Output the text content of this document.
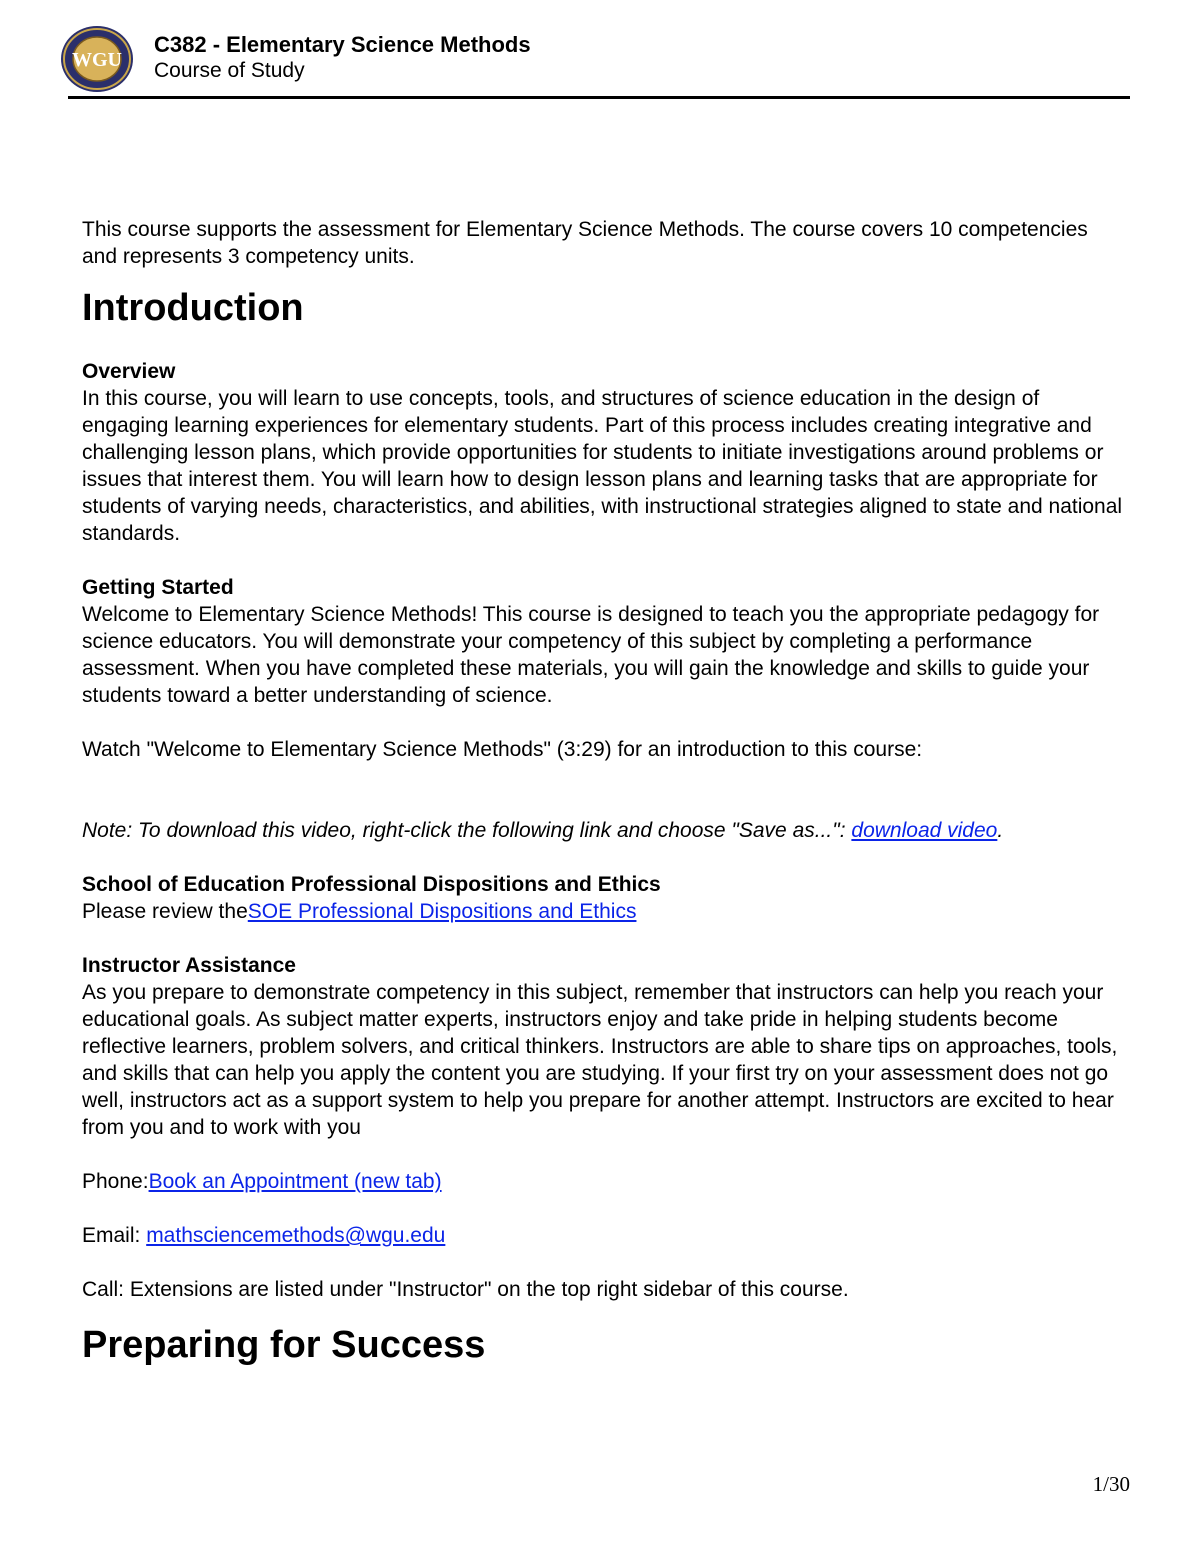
WGU
C382 - Elementary Science Methods
Course of Study

This course supports the assessment for Elementary Science Methods. The course covers 10 competencies and represents 3 competency units.

Introduction

Overview

In this course, you will learn to use concepts, tools, and structures of science education in the design of engaging learning experiences for elementary students. Part of this process includes creating integrative and challenging lesson plans, which provide opportunities for students to initiate investigations around problems or issues that interest them. You will learn how to design lesson plans and learning tasks that are appropriate for students of varying needs, characteristics, and abilities, with instructional strategies aligned to state and national standards.

Getting Started

Welcome to Elementary Science Methods! This course is designed to teach you the appropriate pedagogy for science educators. You will demonstrate your competency of this subject by completing a performance assessment. When you have completed these materials, you will gain the knowledge and skills to guide your students toward a better understanding of science.

Watch "Welcome to Elementary Science Methods" (3:29) for an introduction to this course:

Note: To download this video, right-click the following link and choose "Save as...": download video.

School of Education Professional Dispositions and Ethics

Please review theSOE Professional Dispositions and Ethics

Instructor Assistance

As you prepare to demonstrate competency in this subject, remember that instructors can help you reach your educational goals. As subject matter experts, instructors enjoy and take pride in helping students become reflective learners, problem solvers, and critical thinkers. Instructors are able to share tips on approaches, tools, and skills that can help you apply the content you are studying. If your first try on your assessment does not go well, instructors act as a support system to help you prepare for another attempt. Instructors are excited to hear from you and to work with you

Phone:Book an Appointment (new tab)

Email: mathsciencemethods@wgu.edu

Call: Extensions are listed under "Instructor" on the top right sidebar of this course.

Preparing for Success
1/30
